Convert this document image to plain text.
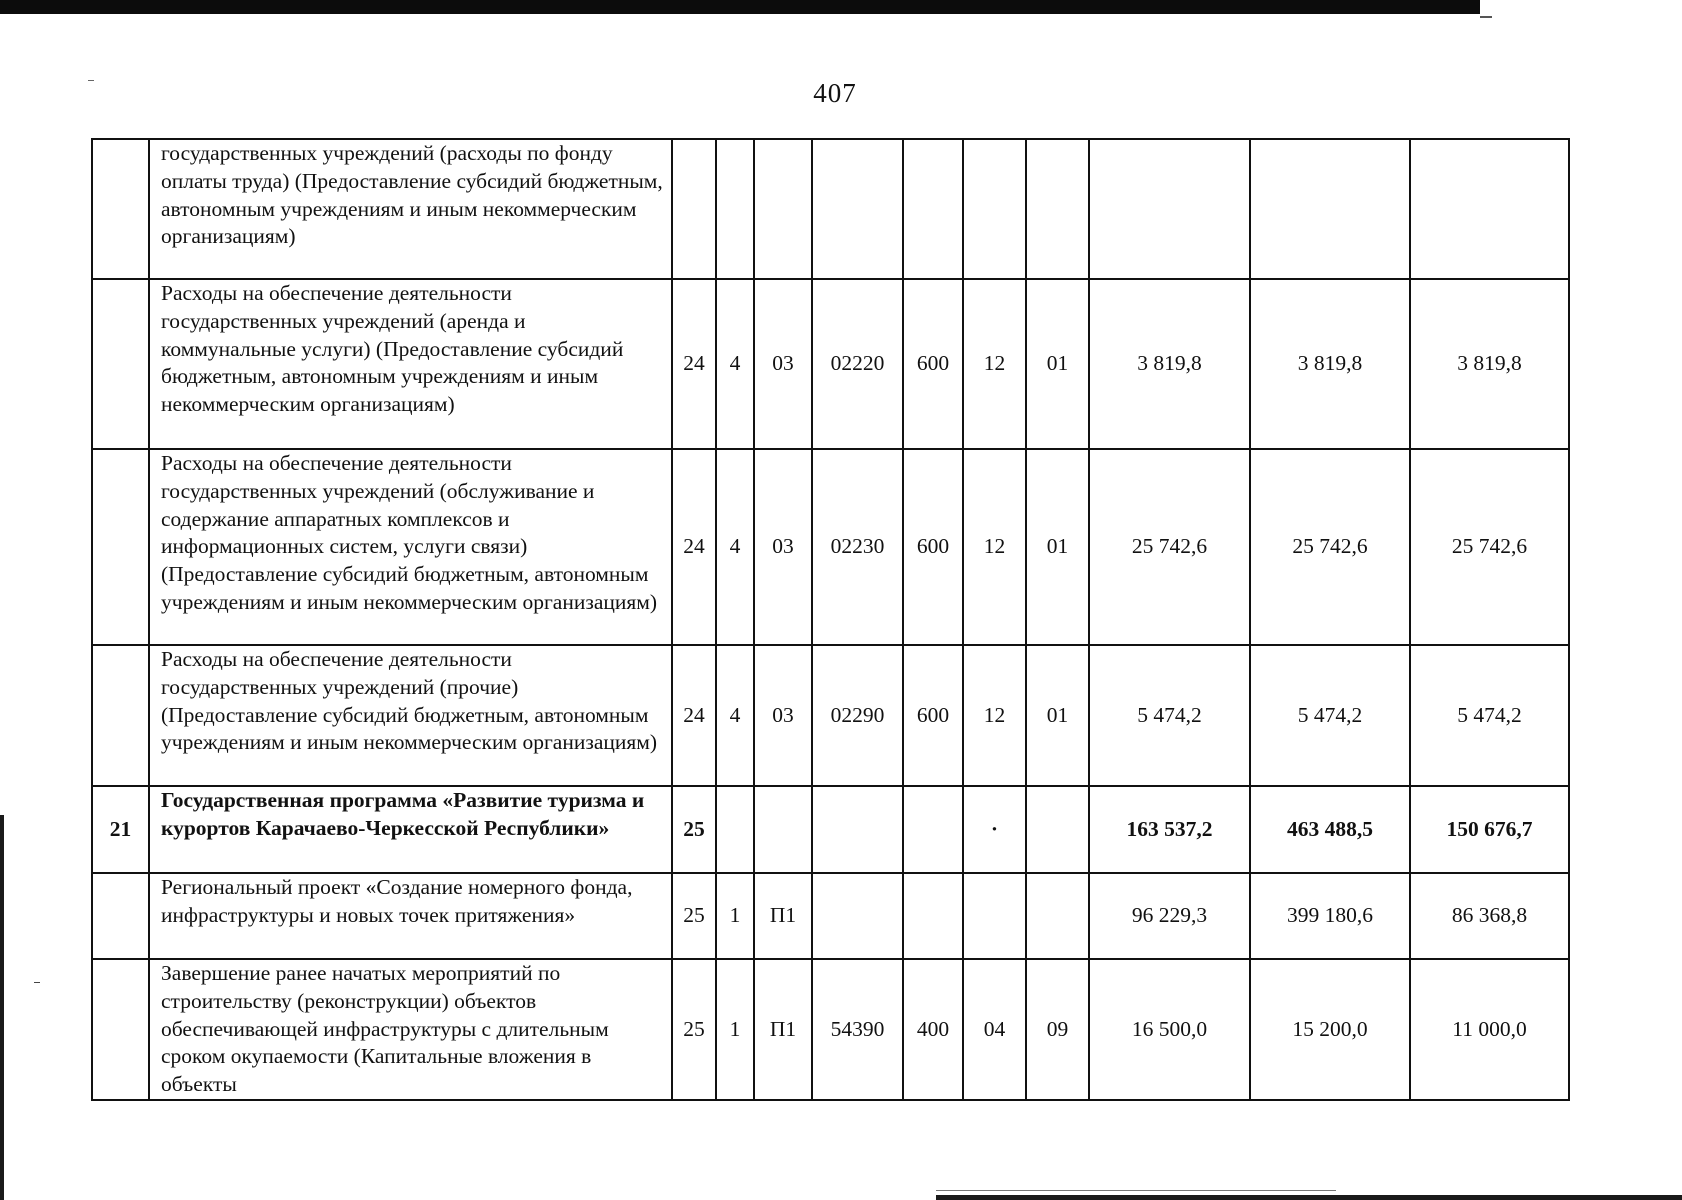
407
	государственных учреждений (расходы по фонду оплаты труда) (Предоставление субсидий бюджетным, автономным учреждениям и иным некоммерческим организациям)										
	Расходы на обеспечение деятельности государственных учреждений (аренда и коммунальные услуги) (Предоставление субсидий бюджетным, автономным учреждениям и иным некоммерческим организациям)	24	4	03	02220	600	12	01	3 819,8	3 819,8	3 819,8
	Расходы на обеспечение деятельности государственных учреждений (обслуживание и содержание аппаратных комплексов и информационных систем, услуги связи) (Предоставление субсидий бюджетным, автономным учреждениям и иным некоммерческим организациям)	24	4	03	02230	600	12	01	25 742,6	25 742,6	25 742,6
	Расходы на обеспечение деятельности государственных учреждений (прочие) (Предоставление субсидий бюджетным, автономным учреждениям и иным некоммерческим организациям)	24	4	03	02290	600	12	01	5 474,2	5 474,2	5 474,2
21	Государственная программа «Развитие туризма и курортов Карачаево-Черкесской Республики»	25					·		163 537,2	463 488,5	150 676,7
	Региональный проект «Создание номерного фонда, инфраструктуры и новых точек притяжения»	25	1	П1					96 229,3	399 180,6	86 368,8
	Завершение ранее начатых мероприятий по строительству (реконструкции) объектов обеспечивающей инфраструктуры с длительным сроком окупаемости (Капитальные вложения в объекты	25	1	П1	54390	400	04	09	16 500,0	15 200,0	11 000,0
